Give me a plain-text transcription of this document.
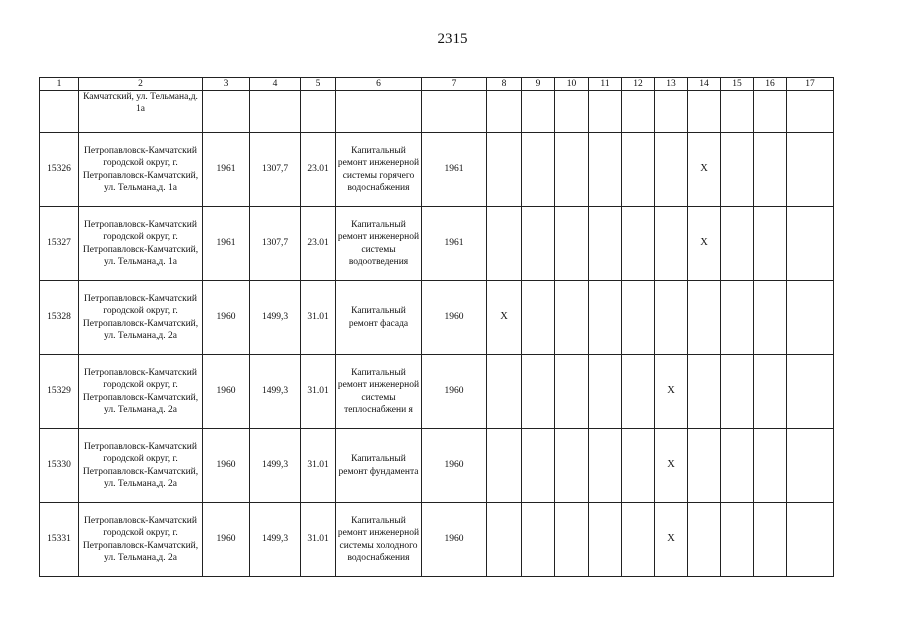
2315
1	2	3	4	5	6	7	8	9	10	11	12	13	14	15	16	17
	Камчатский, ул. Тельмана,д. 1а															
15326	Петропавловск-Камчатский городской округ, г. Петропавловск-Камчатский, ул. Тельмана,д. 1а	1961	1307,7	23.01	Капитальный ремонт инженерной системы горячего водоснабжения	1961							X			
15327	Петропавловск-Камчатский городской округ, г. Петропавловск-Камчатский, ул. Тельмана,д. 1а	1961	1307,7	23.01	Капитальный ремонт инженерной системы водоотведения	1961							X			
15328	Петропавловск-Камчатский городской округ, г. Петропавловск-Камчатский, ул. Тельмана,д. 2а	1960	1499,3	31.01	Капитальный ремонт фасада	1960	X									
15329	Петропавловск-Камчатский городской округ, г. Петропавловск-Камчатский, ул. Тельмана,д. 2а	1960	1499,3	31.01	Капитальный ремонт инженерной системы теплоснабжени я	1960						X				
15330	Петропавловск-Камчатский городской округ, г. Петропавловск-Камчатский, ул. Тельмана,д. 2а	1960	1499,3	31.01	Капитальный ремонт фундамента	1960						X				
15331	Петропавловск-Камчатский городской округ, г. Петропавловск-Камчатский, ул. Тельмана,д. 2а	1960	1499,3	31.01	Капитальный ремонт инженерной системы холодного водоснабжения	1960						X				
